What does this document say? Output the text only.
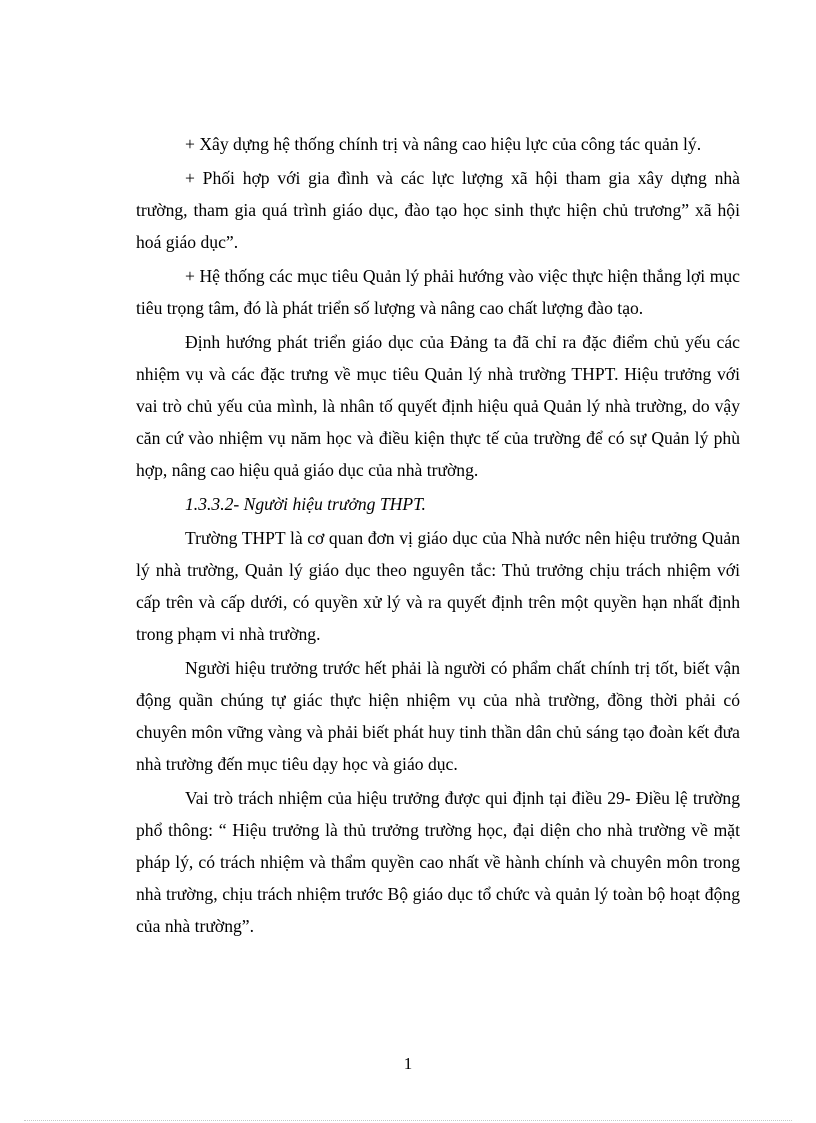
+ Xây dựng hệ thống chính trị và nâng cao hiệu lực của công tác quản lý.

+ Phối hợp với gia đình và các lực lượng xã hội tham gia xây dựng nhà trường, tham gia quá trình giáo dục, đào tạo học sinh thực hiện chủ trương” xã hội hoá giáo dục”.

+ Hệ thống các mục tiêu Quản lý phải hướng vào việc thực hiện thắng lợi mục tiêu trọng tâm, đó là phát triển số lượng và nâng cao chất lượng đào tạo.

Định hướng phát triển giáo dục của Đảng ta đã chỉ ra đặc điểm chủ yếu các nhiệm vụ và các đặc trưng về mục tiêu Quản lý nhà trường THPT. Hiệu trưởng với vai trò chủ yếu của mình, là nhân tố quyết định hiệu quả Quản lý nhà trường, do vậy căn cứ vào nhiệm vụ năm học và điều kiện thực tế của trường để có sự Quản lý phù hợp, nâng cao hiệu quả giáo dục của nhà trường.

1.3.3.2- Người hiệu trưởng THPT.

Trường THPT là cơ quan đơn vị giáo dục của Nhà nước nên hiệu trưởng Quản lý nhà trường, Quản lý giáo dục theo nguyên tắc: Thủ trưởng chịu trách nhiệm với cấp trên và cấp dưới, có quyền xử lý và ra quyết định trên một quyền hạn nhất định trong phạm vi nhà trường.

Người hiệu trưởng trước hết phải là người có phẩm chất chính trị tốt, biết vận động quần chúng tự giác thực hiện nhiệm vụ của nhà trường, đồng thời phải có chuyên môn vững vàng và phải biết phát huy tinh thần dân chủ sáng tạo đoàn kết đưa nhà trường đến mục tiêu dạy học và giáo dục.

Vai trò trách nhiệm của hiệu trưởng được qui định tại điều 29- Điều lệ trường phổ thông: “ Hiệu trưởng là thủ trưởng trường học, đại diện cho nhà trường về mặt pháp lý, có trách nhiệm và thẩm quyền cao nhất về hành chính và chuyên môn trong nhà trường, chịu trách nhiệm trước Bộ giáo dục tổ chức và quản lý toàn bộ hoạt động của nhà trường”.

1
